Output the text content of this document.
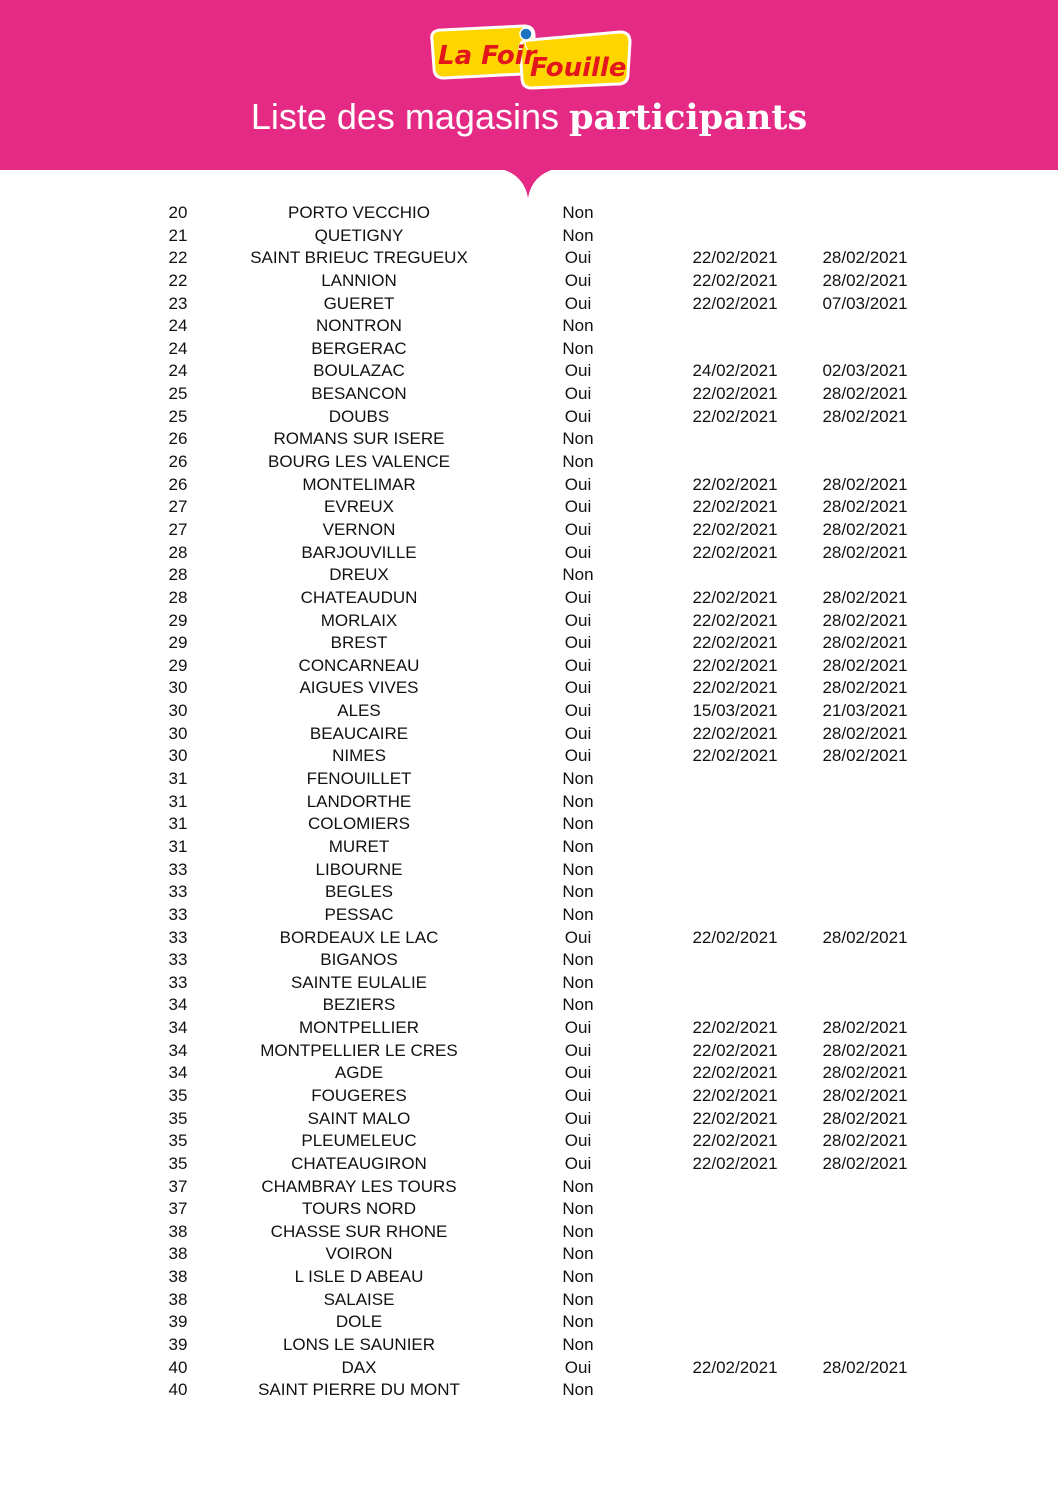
La Foir
Fouille
Liste des magasins participants
20	PORTO VECCHIO	Non
21	QUETIGNY	Non
22	SAINT BRIEUC TREGUEUX	Oui	22/02/2021	28/02/2021
22	LANNION	Oui	22/02/2021	28/02/2021
23	GUERET	Oui	22/02/2021	07/03/2021
24	NONTRON	Non
24	BERGERAC	Non
24	BOULAZAC	Oui	24/02/2021	02/03/2021
25	BESANCON	Oui	22/02/2021	28/02/2021
25	DOUBS	Oui	22/02/2021	28/02/2021
26	ROMANS SUR ISERE	Non
26	BOURG LES VALENCE	Non
26	MONTELIMAR	Oui	22/02/2021	28/02/2021
27	EVREUX	Oui	22/02/2021	28/02/2021
27	VERNON	Oui	22/02/2021	28/02/2021
28	BARJOUVILLE	Oui	22/02/2021	28/02/2021
28	DREUX	Non
28	CHATEAUDUN	Oui	22/02/2021	28/02/2021
29	MORLAIX	Oui	22/02/2021	28/02/2021
29	BREST	Oui	22/02/2021	28/02/2021
29	CONCARNEAU	Oui	22/02/2021	28/02/2021
30	AIGUES VIVES	Oui	22/02/2021	28/02/2021
30	ALES	Oui	15/03/2021	21/03/2021
30	BEAUCAIRE	Oui	22/02/2021	28/02/2021
30	NIMES	Oui	22/02/2021	28/02/2021
31	FENOUILLET	Non
31	LANDORTHE	Non
31	COLOMIERS	Non
31	MURET	Non
33	LIBOURNE	Non
33	BEGLES	Non
33	PESSAC	Non
33	BORDEAUX LE LAC	Oui	22/02/2021	28/02/2021
33	BIGANOS	Non
33	SAINTE EULALIE	Non
34	BEZIERS	Non
34	MONTPELLIER	Oui	22/02/2021	28/02/2021
34	MONTPELLIER LE CRES	Oui	22/02/2021	28/02/2021
34	AGDE	Oui	22/02/2021	28/02/2021
35	FOUGERES	Oui	22/02/2021	28/02/2021
35	SAINT MALO	Oui	22/02/2021	28/02/2021
35	PLEUMELEUC	Oui	22/02/2021	28/02/2021
35	CHATEAUGIRON	Oui	22/02/2021	28/02/2021
37	CHAMBRAY LES TOURS	Non
37	TOURS NORD	Non
38	CHASSE SUR RHONE	Non
38	VOIRON	Non
38	L ISLE D ABEAU	Non
38	SALAISE	Non
39	DOLE	Non
39	LONS LE SAUNIER	Non
40	DAX	Oui	22/02/2021	28/02/2021
40	SAINT PIERRE DU MONT	Non
